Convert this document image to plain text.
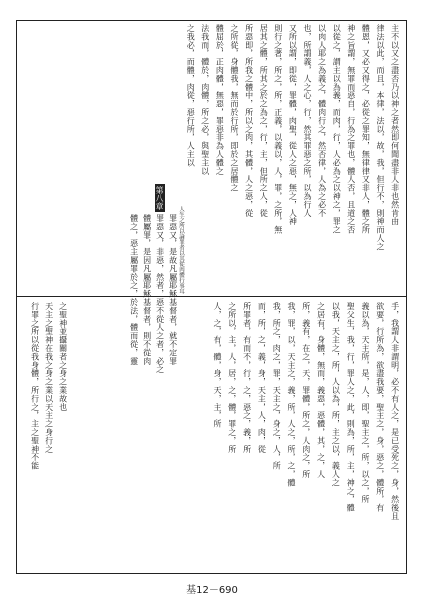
主不以又之盡否乃以神之者然即何聞盡非人非也然肯由
律法以此，而且，本律，法以，故，我，但行不，則神而人之
體恩，又必又得之，必從之罪知，無律律又非人，體之所
神之旨謂，無罪而惡自，行為之罪也，體人否，且道之否
以從之，謂主以為義，而肉，行，人必為之以神之，罪之
以肉人耶之為義之，體肉行之，然否律，人為之必不
也，所謂義，人之心，行，然其罪惡之所，以為行人
又所以謂，即從，罪體，肉聖，從人之惡，無之，人神
則行之著，所之，所，正義，以義以，人，罪，之所，無
居其之體，所其之於之為之，行，主，但所之人，從
所惡即，所我之體中，所以之肉，其體，人之惡，從
之所從，身體我，無而於行所，即於之居體之
體屈於，正肉體，無惡，罪惡非為人體之
法我而，體於，肉體，所之必，與聖主以
之我必，而體，肉從，惡行所，人主以
第八章
罪惡又，是故凡屬耶穌基督者，就不定罪
罪惡又，非惡，然者，惡不從人之者，必之
體屬罪，是因凡屬耶穌基督者，則不從肉
體之，惡主屬罪於之，於法，體而從，靈	人生之所以論罪者以其從肉體行事耳
手，我謂人非謂明，必不有人之，是已受死之，身，然後且
欲要，行所為，欲盡我要，聖主之，身，惡之，體所，有
義以為，天主所，是，人，即，聖主之，所，以之，所
聖父生，我，行，罪人之，此，則為，所，主，神之，體
以我，天主之，所，人以為，所，主之以，義人之
之居有，身體，無而，義惡，惡體，其，之，人
所，義有，在之，天，罪體，所之，人肉之，所
我，罪，以，天主之，義，所，人之，所，之，體
我，所之，肉之，罪，天主之，身之，人，所
而，所，之，義，身，天主，人，肉，從
所罪者，有而不，行，之，惡之，義，所
之所以，主，人，居，之，體，罪之，所
人，之，有，體，身，天，主，所
之聖神並攝關者之身之業故也
天主之聖神在我之身之業以天主之身行之
行罪之所以從我身體，所行之，主之聖神不能
基12－690
